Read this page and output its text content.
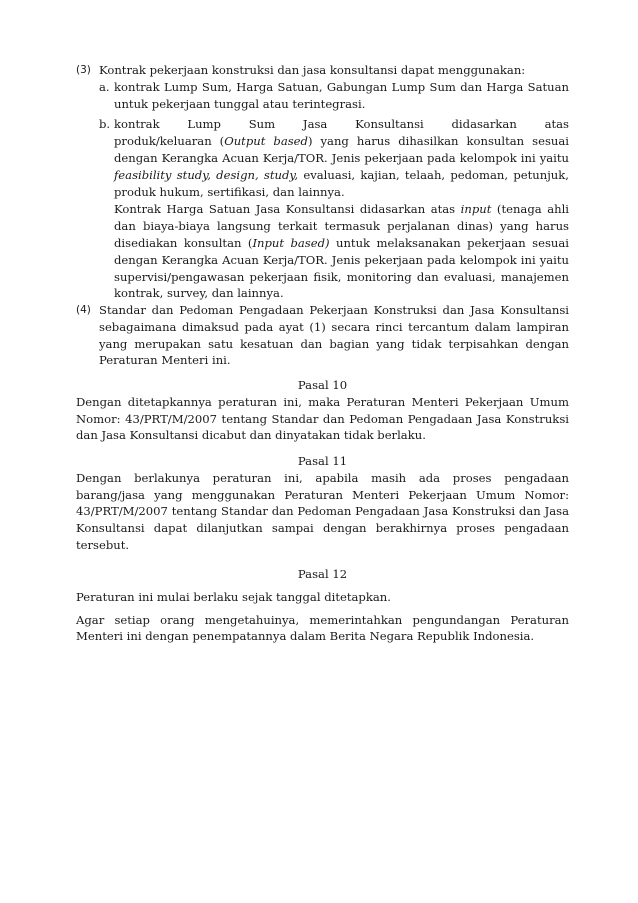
(3) Kontrak pekerjaan konstruksi dan jasa konsultansi dapat menggunakan:
a. kontrak Lump Sum, Harga Satuan, Gabungan Lump Sum dan Harga Satuan untuk pekerjaan tunggal atau terintegrasi.
b. kontrak Lump Sum Jasa Konsultansi didasarkan atas
produk/keluaran (Output based) yang harus dihasilkan konsultan sesuai dengan Kerangka Acuan Kerja/TOR. Jenis pekerjaan pada kelompok ini yaitu feasibility study, design, study, evaluasi, kajian, telaah, pedoman, petunjuk, produk hukum, sertifikasi, dan lainnya.
Kontrak Harga Satuan Jasa Konsultansi didasarkan atas input (tenaga ahli dan biaya-biaya langsung terkait termasuk perjalanan dinas) yang harus disediakan konsultan (Input based) untuk melaksanakan pekerjaan sesuai dengan Kerangka Acuan Kerja/TOR. Jenis pekerjaan pada kelompok ini yaitu supervisi/pengawasan pekerjaan fisik, monitoring dan evaluasi, manajemen kontrak, survey, dan lainnya.
(4) Standar dan Pedoman Pengadaan Pekerjaan Konstruksi dan Jasa Konsultansi sebagaimana dimaksud pada ayat (1) secara rinci tercantum dalam lampiran yang merupakan satu kesatuan dan bagian yang tidak terpisahkan dengan Peraturan Menteri ini.
Pasal 10

Dengan ditetapkannya peraturan ini, maka Peraturan Menteri Pekerjaan Umum Nomor: 43/PRT/M/2007 tentang Standar dan Pedoman Pengadaan Jasa Konstruksi dan Jasa Konsultansi dicabut dan dinyatakan tidak berlaku.

Pasal 11

Dengan berlakunya peraturan ini, apabila masih ada proses pengadaan barang/jasa yang menggunakan Peraturan Menteri Pekerjaan Umum Nomor: 43/PRT/M/2007 tentang Standar dan Pedoman Pengadaan Jasa Konstruksi dan Jasa Konsultansi dapat dilanjutkan sampai dengan berakhirnya proses pengadaan tersebut.

Pasal 12

Peraturan ini mulai berlaku sejak tanggal ditetapkan.

Agar setiap orang mengetahuinya, memerintahkan pengundangan Peraturan Menteri ini dengan penempatannya dalam Berita Negara Republik Indonesia.
